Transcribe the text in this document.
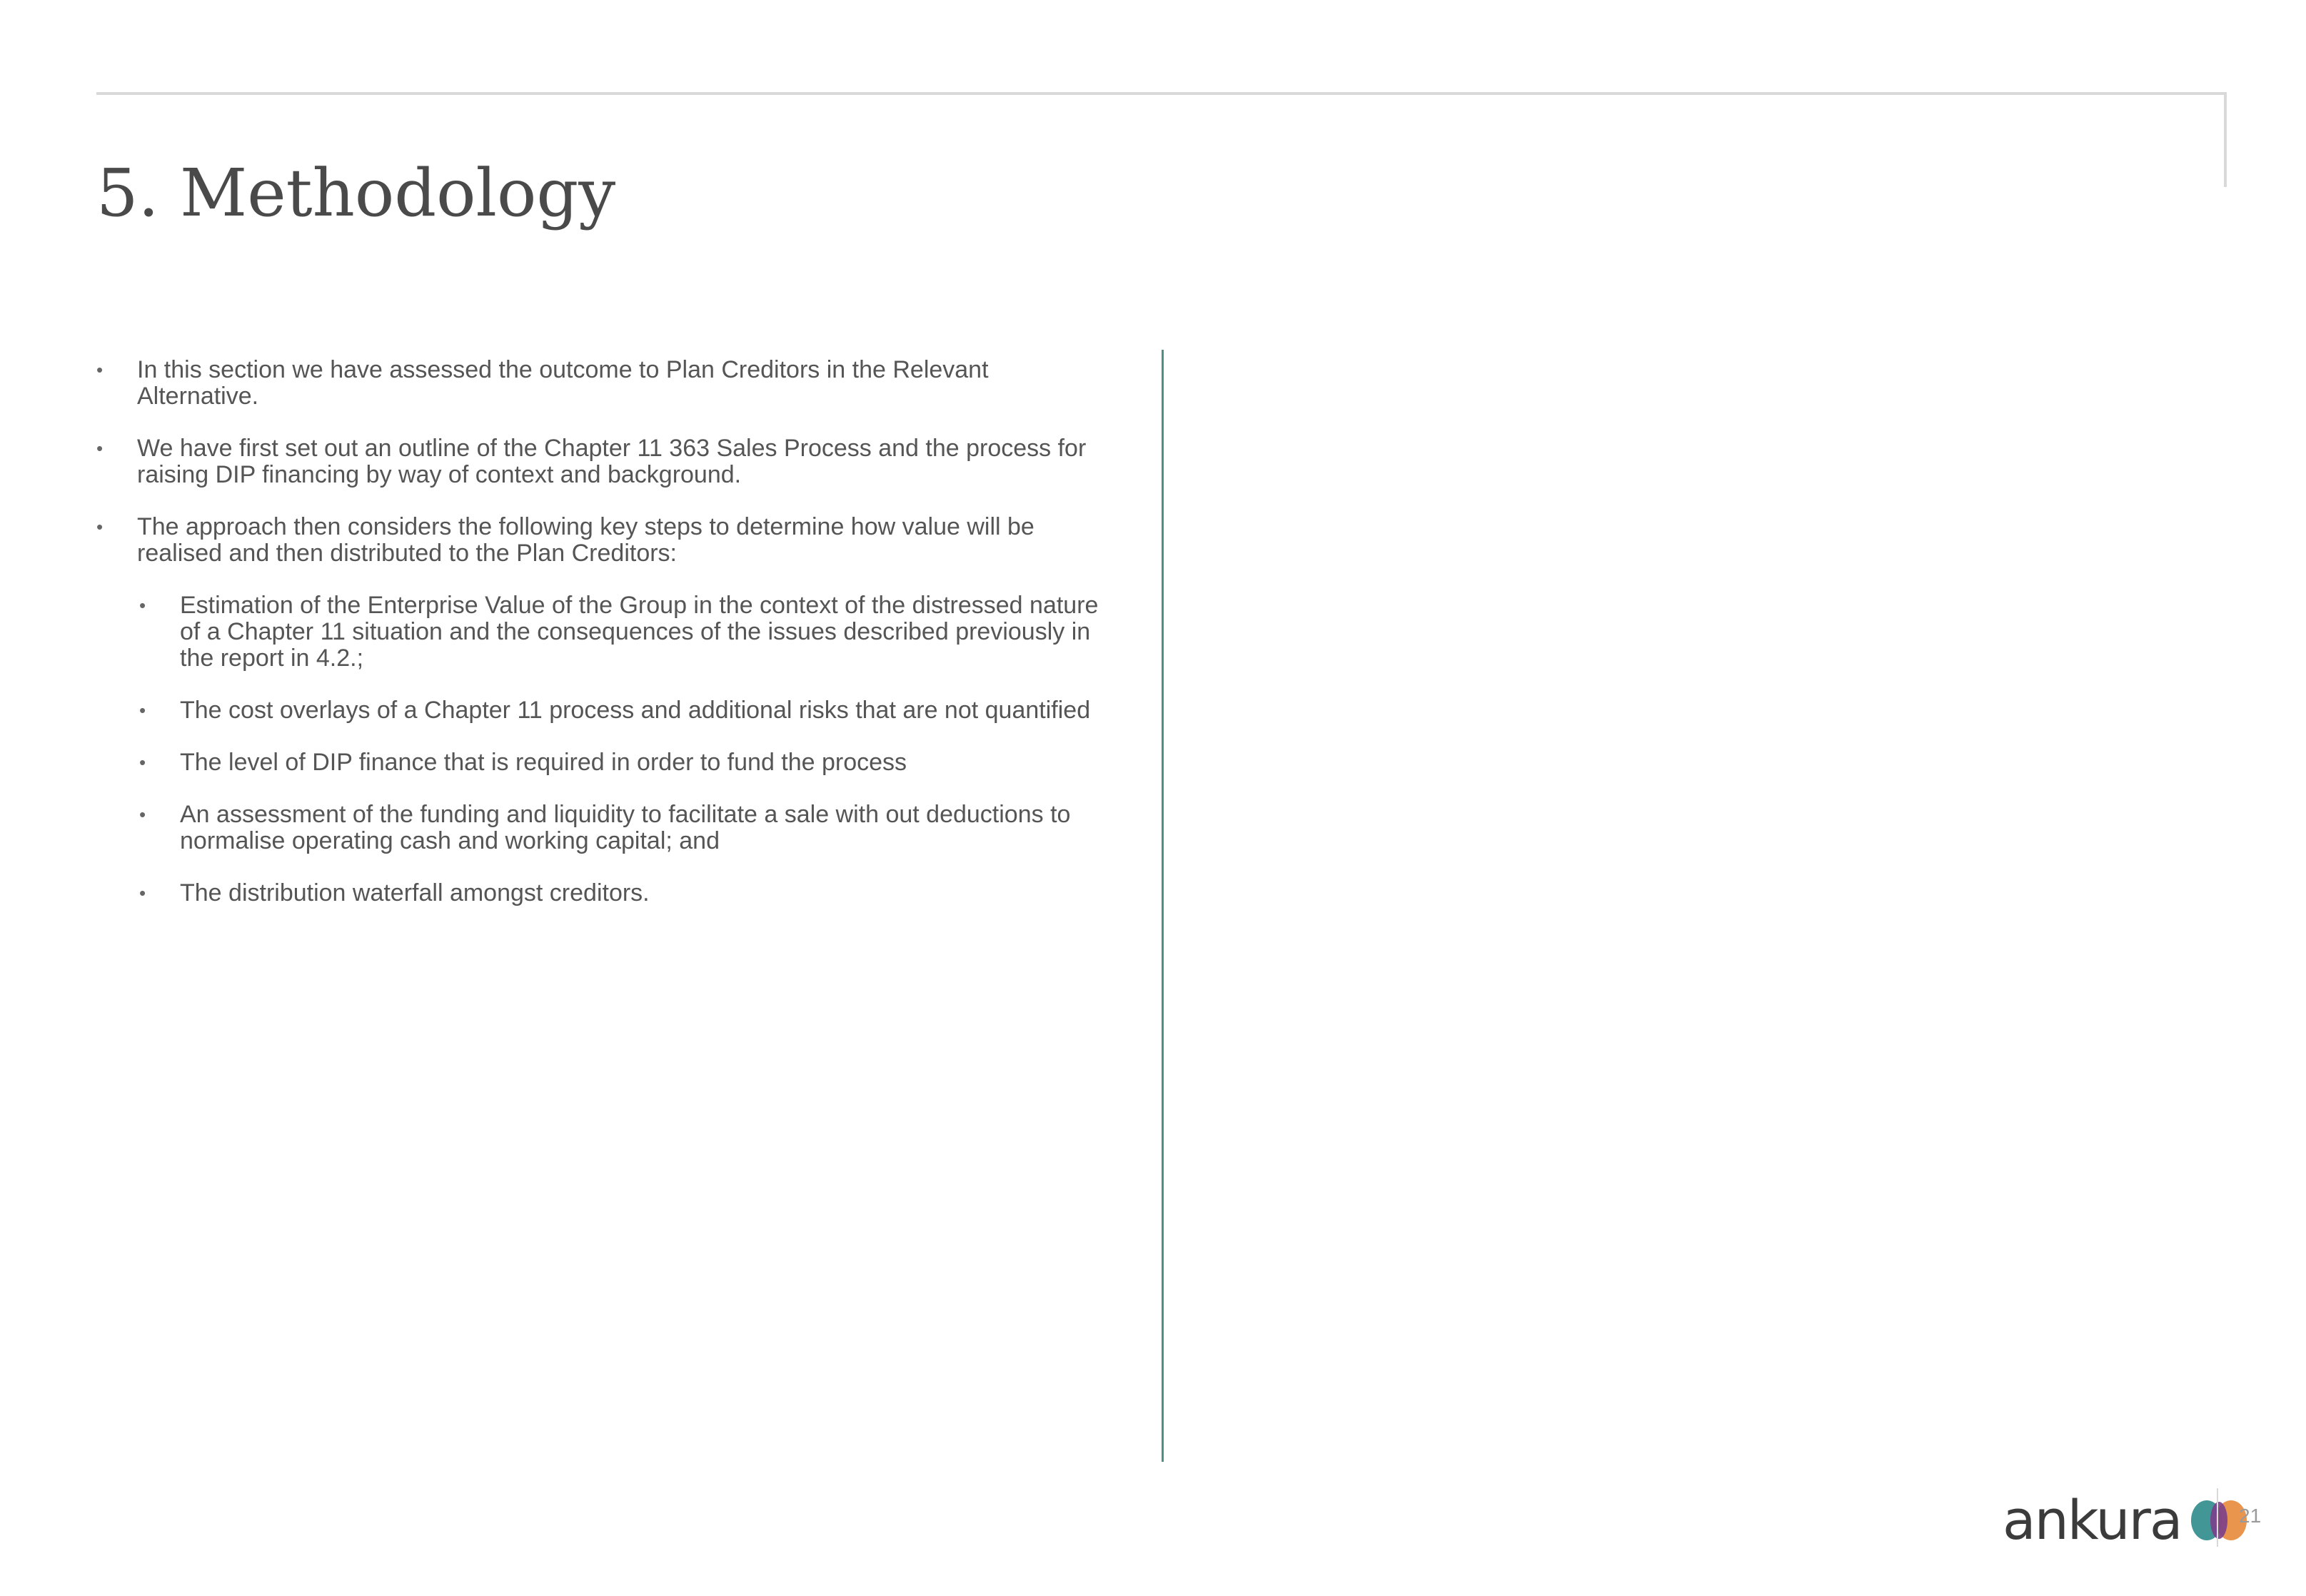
5. Methodology
• In this section we have assessed the outcome to Plan Creditors in the Relevant Alternative.
• We have first set out an outline of the Chapter 11 363 Sales Process and the process for raising DIP financing by way of context and background.
• The approach then considers the following key steps to determine how value will be realised and then distributed to the Plan Creditors:
• Estimation of the Enterprise Value of the Group in the context of the distressed nature of a Chapter 11 situation and the consequences of the issues described previously in the report in 4.2.;
• The cost overlays of a Chapter 11 process and additional risks that are not quantified
• The level of DIP finance that is required in order to fund the process
• An assessment of the funding and liquidity to facilitate a sale with out deductions to normalise operating cash and working capital; and
• The distribution waterfall amongst creditors.
ankura	21
